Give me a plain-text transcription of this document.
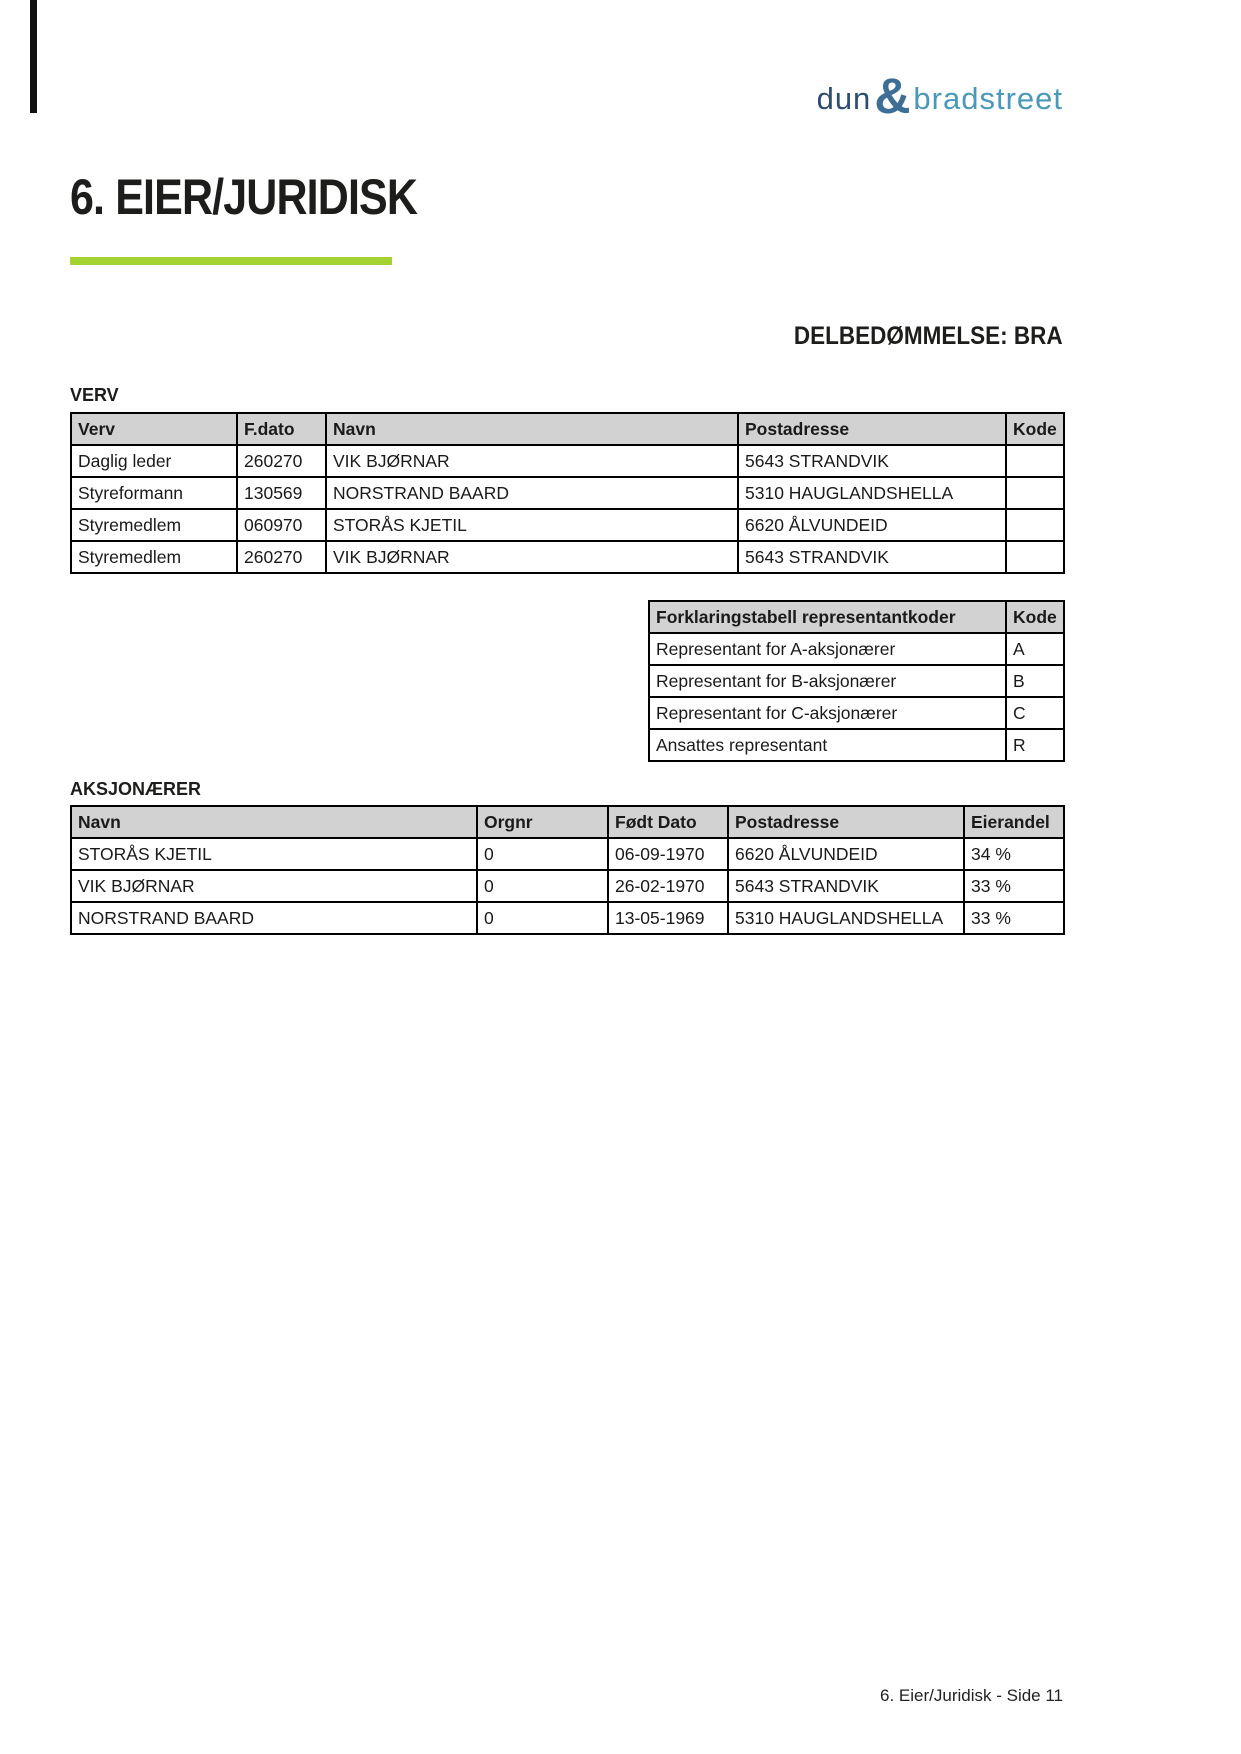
dun & bradstreet
6. EIER/JURIDISK
DELBEDØMMELSE: BRA
VERV
Verv	F.dato	Navn	Postadresse	Kode
Daglig leder	260270	VIK BJØRNAR	5643 STRANDVIK	
Styreformann	130569	NORSTRAND BAARD	5310 HAUGLANDSHELLA	
Styremedlem	060970	STORÅS KJETIL	6620 ÅLVUNDEID	
Styremedlem	260270	VIK BJØRNAR	5643 STRANDVIK	
Forklaringstabell representantkoder	Kode
Representant for A-aksjonærer	A
Representant for B-aksjonærer	B
Representant for C-aksjonærer	C
Ansattes representant	R
AKSJONÆRER
Navn	Orgnr	Født Dato	Postadresse	Eierandel
STORÅS KJETIL	0	06-09-1970	6620 ÅLVUNDEID	34 %
VIK BJØRNAR	0	26-02-1970	5643 STRANDVIK	33 %
NORSTRAND BAARD	0	13-05-1969	5310 HAUGLANDSHELLA	33 %
6. Eier/Juridisk - Side 11
